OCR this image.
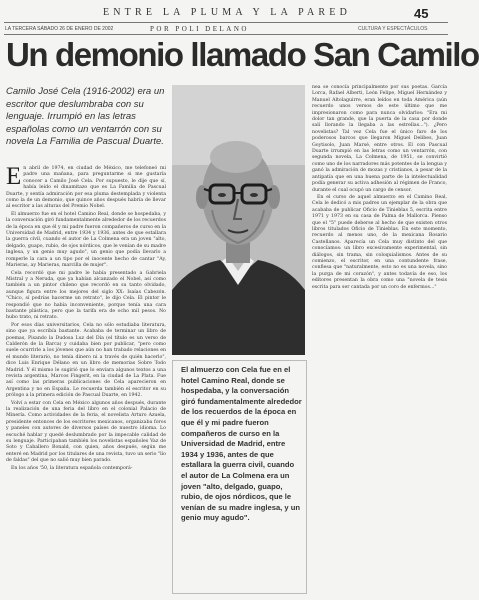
ENTRE LA PLUMA Y LA PARED	45
LA TERCERA SÁBADO 26 DE ENERO DE 2002	POR POLI DELANO	CULTURA Y ESPECTÁCULOS
Un demonio llamado San Camilo
Camilo José Cela (1916-2002) era un escritor que deslumbraba con su lenguaje. Irrumpió en las letras españolas como un ventarrón con su novela La Familia de Pascual Duarte.

En abril de 1974, en ciudad de México, me telefoneó mi padre una mañana, para preguntarme si me gustaría conocer a Camilo José Cela. Por supuesto, le dije que sí, había leído el dinamitazo que es La Familia de Pascual Duarte, y sentía admiración por esa pluma destemplada y violenta como la de un demonio, que quince años después habría de llevar al escritor a las alturas del Premio Nobel.

El almuerzo fue en el hotel Camino Real, donde se hospedaba, y la conversación giró fundamentalmente alrededor de los recuerdos de la época en que él y mi padre fueron compañeros de curso en la Universidad de Madrid, entre 1934 y 1936, antes de que estallara la guerra civil, cuando el autor de La Colmena era un joven "alto, delgado, guapo, rubio, de ojos nórdicos, que le venían de su madre inglesa, y un genio muy agudo", un genio que podía llevarlo a romperle la cara a un tipo por el inocente hecho de cantar "Ay, Marieras, ay Marieras, marcilla de mujer".

Cela recordó que mi padre le había presentado a Gabriela Mistral y a Neruda, que ya habían alcanzado el Nobel, así como también a un pintor chileno que recordó en su tanto olvidado, aunque figura entre los mejores del siglo XX: Isaías Cabezón. "Chico, sí podrías hacerme un retrato", le dijo Cela. El pintor le respondió que no había inconveniente, porque tenía una cara bastante plástica, pero que la tarifa era de ocho mil pesos. No hubo trato, ni retrato.

Por esos días universitarios, Cela no sólo estudiaba literatura, sino que ya escribía bastante. Acababa de terminar un libro de poemas, Pisando la Dudosa Luz del Día (el título es un verso de Calderón de la Barca) y cuidaba bien por publicar, "pero como suele ocurrirle a los jóvenes que aún no han trabado relaciones en el mundo literario, no tenía dinero ni a través de quién hacerlo", dice Luis Enrique Délano en un libro de memorias Sobre Todo Madrid. Y él mismo le sugirió que lo enviara algunos textos a una revista argentina, Marcos Fingerit, en la ciudad de La Plata. Fue así como las primeras publicaciones de Cela aparecieron en Argentina y no en España. Le recuerda también el escritor en su prólogo a la primera edición de Pascual Duarte, en 1942.

Volví a estar con Cela en México algunos años después, durante la realización de una feria del libro en el colonial Palacio de Minería. Como actividades de la feria, el novelista Arturo Azuela, presidente entonces de los escritores mexicanos, organizaba foros y paneles con autores de diversos países de nuestro idioma. Lo escuché hablar y quedé deslumbrado por la impecable calidad de su lenguaje. Participaban también los novelistas españoles Vaz de Soto y Caballero Bonald, con quien, años después, según me enteré en Madrid por los titulares de una revista, tuvo un serio "lío de faldas" del que no salió muy bien parado.

En los años '50, la literatura española contemporá-

nea se conocía principalmente por sus poetas. García Lorca, Rafael Alberti, León Felipe, Miguel Hernández y Manuel Altolaguirre, eran leídos en toda América (aún recuerdo unos versos de este último que me impresionaron como para nunca olvidarlos: "Era mi dolor tan grande, que la puerta de la casa por donde salí llorando la llegaba a las estrellas..."). ¿Pero novelistas? Tal vez Cela fue el único faro de los poderosos barcos que llegaron Miguel Delibes, Juan Goytisolo, Juan Marsé, entre otros. El con Pascual Duarte irrumpió en las letras como un ventarrón, con segunda novela, La Colmena, de 1951, se convirtió como uno de los narradores más potentes de la lengua y ganó la admiración de mozas y cristianos, a pesar de la antipatía que en una buena parte de la intelectualidad podía generar su activa adhesión al régimen de Franco, durante el cual ocupó un cargo de censor.

En el curso de aquel almuerzo en el Camino Real, Cela le dedicó a mis padres un ejemplar de la obra que acababa de publicar Oficio de Tinieblas 5, escrita entre 1971 y 1973 en su casa de Palma de Mallorca. Pienso que el "5" puede deberse al hecho de que existen otros libros titulados Oficio de Tinieblas. En este momento, recuerdo al menos uno, de la mexicana Rosario Castellanos. Aparecía un Cela muy distinto del que conocíamos: un libro excesivamente experimental, sin diálogos, sin trama, sin coloquialismos. Antes de su comienzo, el escritor, en una contundente frase, confiesa que "naturalmente, esto no es una novela, sino la purga de mi corazón", y antes todavía de eso, los editores presentan la obra como una "novela de tesis escrita para ser cantada por un coro de enfermos..."

El almuerzo con Cela fue en el hotel Camino Real, donde se hospedaba, y la conversación giró fundamentalmente alrededor de los recuerdos de la época en que él y mi padre fueron compañeros de curso en la Universidad de Madrid, entre 1934 y 1936, antes de que estallara la guerra civil, cuando el autor de La Colmena era un joven "alto, delgado, guapo, rubio, de ojos nórdicos, que le venían de su madre inglesa, y un genio muy agudo".
